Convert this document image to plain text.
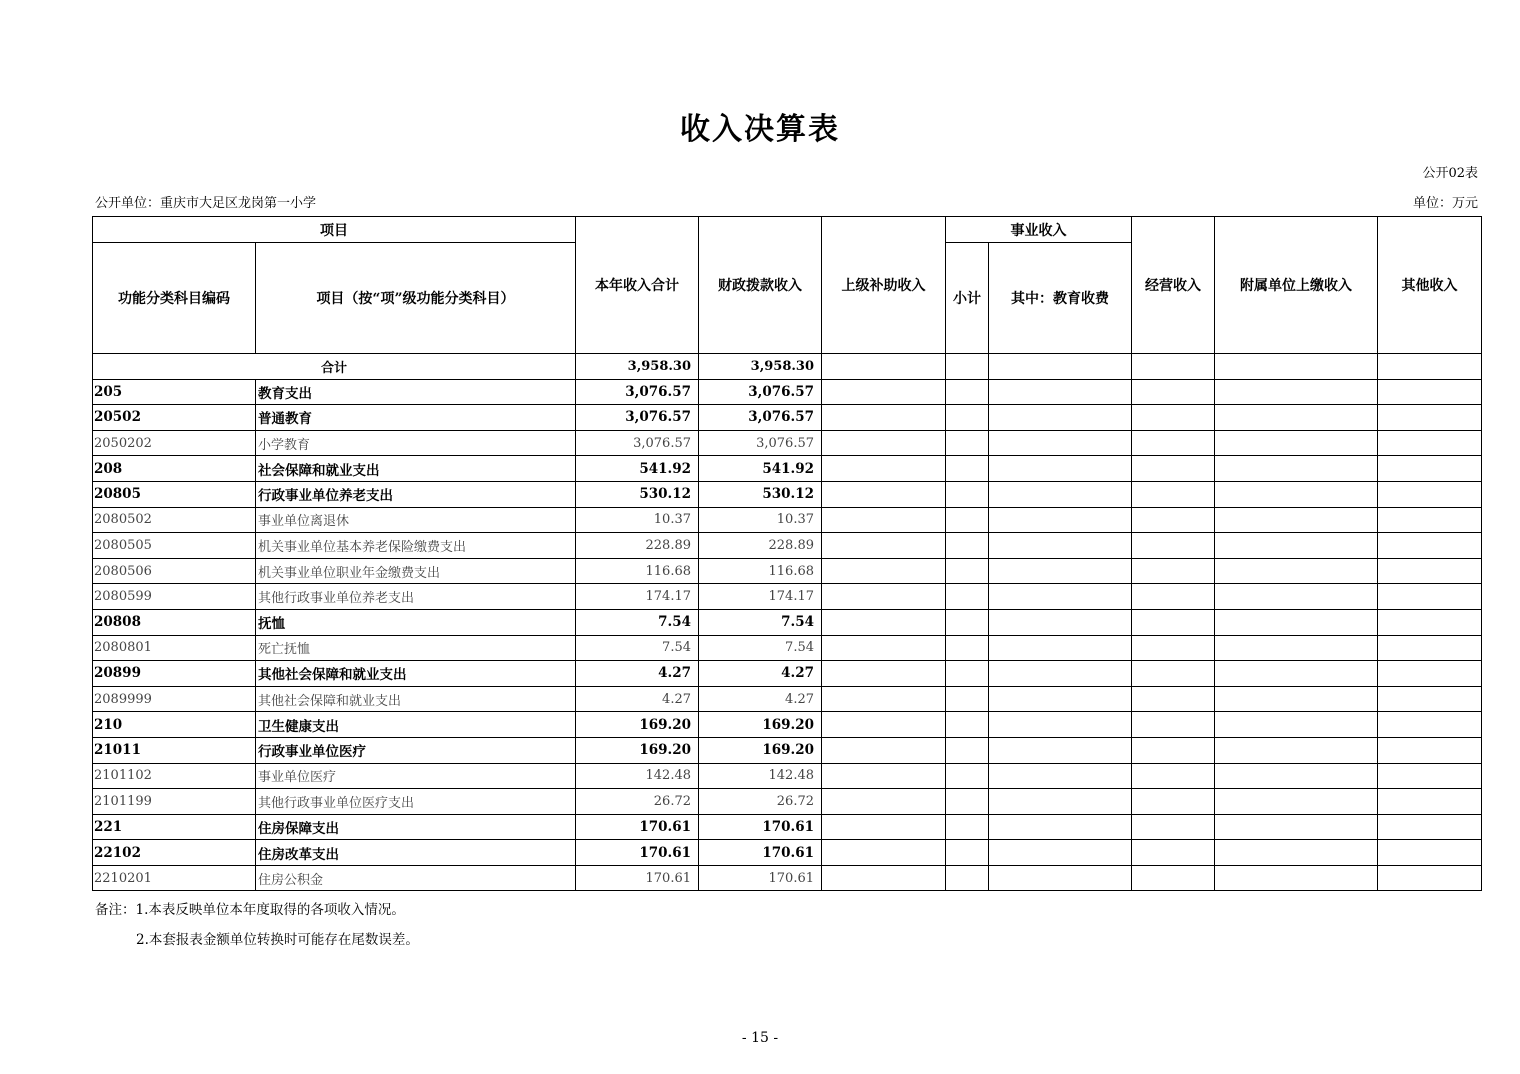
收入决算表
公开02表
公开单位：重庆市大足区龙岗第一小学	单位：万元
项目		本年收入合计	财政拨款收入	上级补助收入	事业收入		经营收入	附属单位上缴收入	其他收入
功能分类科目编码	项目（按“项”级功能分类科目）				小计	其中：教育收费			
合计		3,958.30	3,958.30						
205	教育支出	3,076.57	3,076.57						
20502	普通教育	3,076.57	3,076.57						
2050202	小学教育	3,076.57	3,076.57						
208	社会保障和就业支出	541.92	541.92						
20805	行政事业单位养老支出	530.12	530.12						
2080502	事业单位离退休	10.37	10.37						
2080505	机关事业单位基本养老保险缴费支出	228.89	228.89						
2080506	机关事业单位职业年金缴费支出	116.68	116.68						
2080599	其他行政事业单位养老支出	174.17	174.17						
20808	抚恤	7.54	7.54						
2080801	死亡抚恤	7.54	7.54						
20899	其他社会保障和就业支出	4.27	4.27						
2089999	其他社会保障和就业支出	4.27	4.27						
210	卫生健康支出	169.20	169.20						
21011	行政事业单位医疗	169.20	169.20						
2101102	事业单位医疗	142.48	142.48						
2101199	其他行政事业单位医疗支出	26.72	26.72						
221	住房保障支出	170.61	170.61						
22102	住房改革支出	170.61	170.61						
2210201	住房公积金	170.61	170.61						
备注：1.本表反映单位本年度取得的各项收入情况。
2.本套报表金额单位转换时可能存在尾数误差。
- 15 -
